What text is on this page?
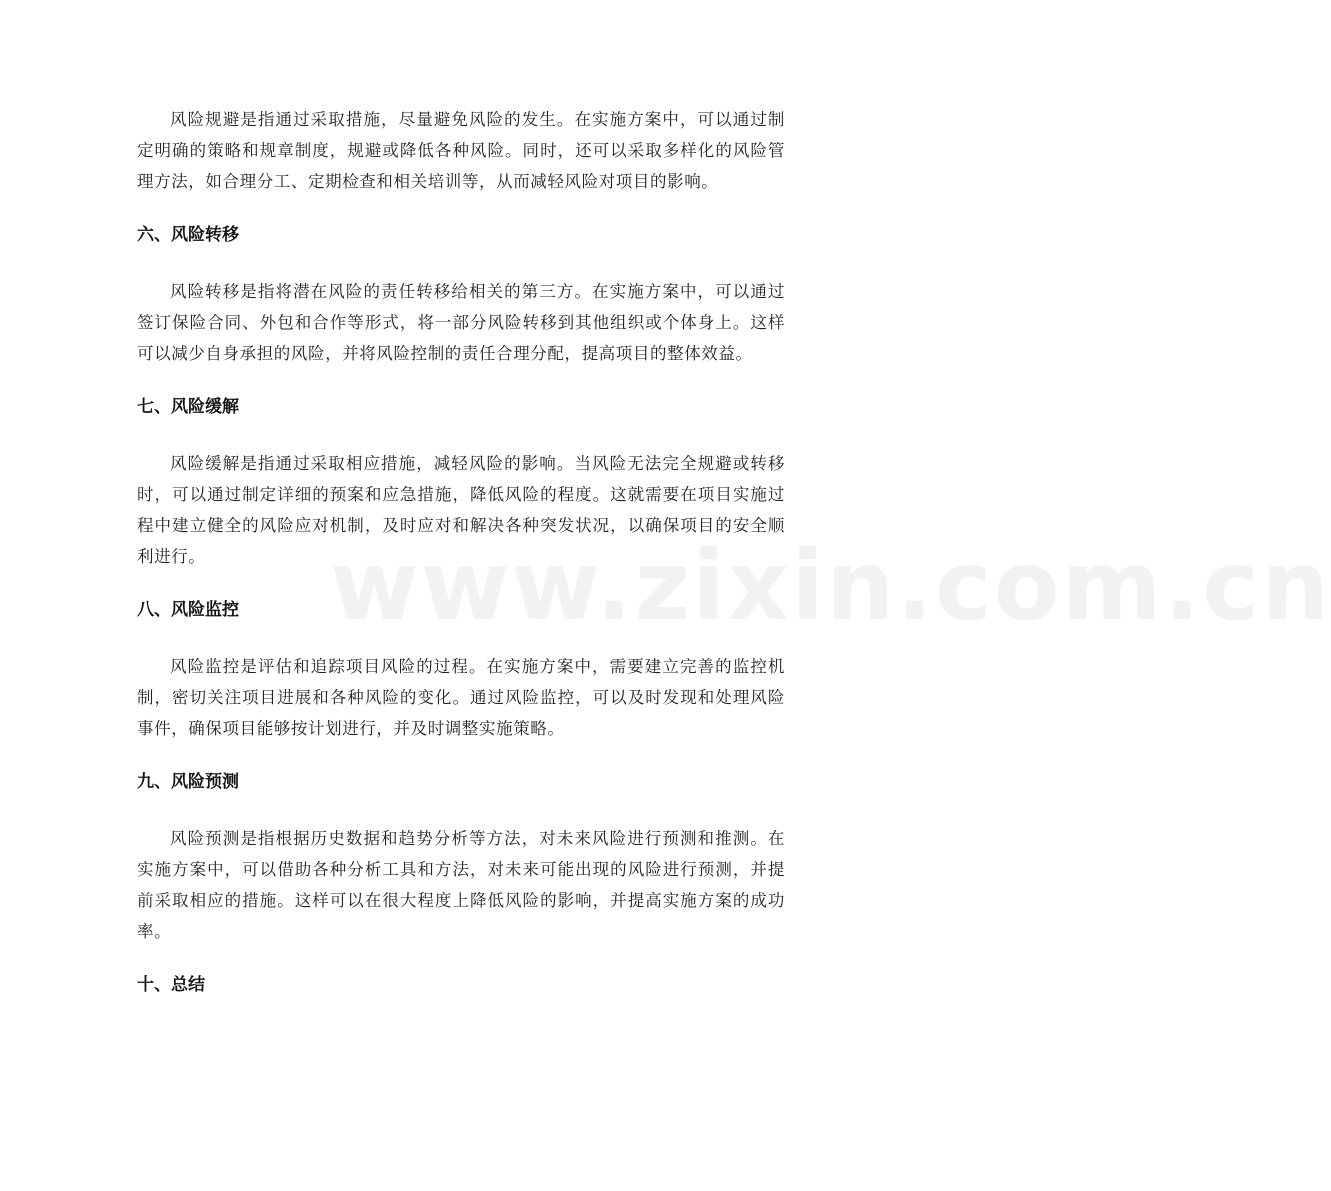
www.zixin.com.cn

风险规避是指通过采取措施，尽量避免风险的发生。在实施方案中，可以通过制定明确的策略和规章制度，规避或降低各种风险。同时，还可以采取多样化的风险管理方法，如合理分工、定期检查和相关培训等，从而减轻风险对项目的影响。

六、风险转移

风险转移是指将潜在风险的责任转移给相关的第三方。在实施方案中，可以通过签订保险合同、外包和合作等形式，将一部分风险转移到其他组织或个体身上。这样可以减少自身承担的风险，并将风险控制的责任合理分配，提高项目的整体效益。

七、风险缓解

风险缓解是指通过采取相应措施，减轻风险的影响。当风险无法完全规避或转移时，可以通过制定详细的预案和应急措施，降低风险的程度。这就需要在项目实施过程中建立健全的风险应对机制，及时应对和解决各种突发状况，以确保项目的安全顺利进行。

八、风险监控

风险监控是评估和追踪项目风险的过程。在实施方案中，需要建立完善的监控机制，密切关注项目进展和各种风险的变化。通过风险监控，可以及时发现和处理风险事件，确保项目能够按计划进行，并及时调整实施策略。

九、风险预测

风险预测是指根据历史数据和趋势分析等方法，对未来风险进行预测和推测。在实施方案中，可以借助各种分析工具和方法，对未来可能出现的风险进行预测，并提前采取相应的措施。这样可以在很大程度上降低风险的影响，并提高实施方案的成功率。

十、总结
